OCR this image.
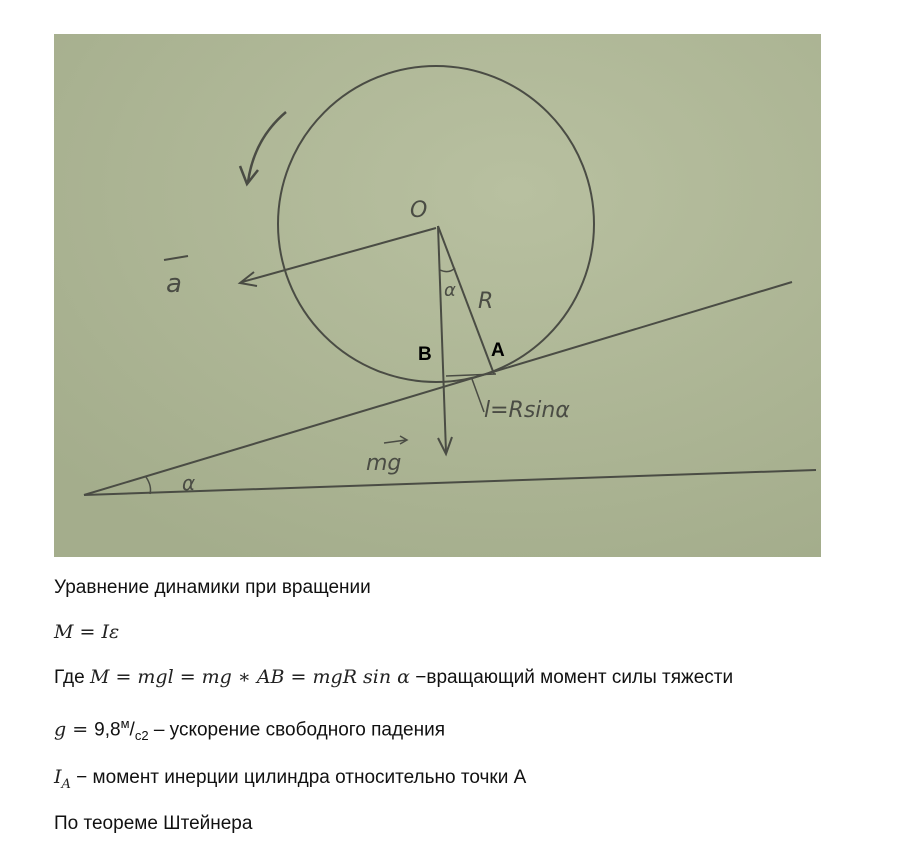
O
a	α R
B	A
l=Rsinα
α
mg
Уравнение динамики при вращении
M = Iε
Где M = mgl = mg ∗ AB = mgR sin α −вращающий момент силы тяжести
$g = 9,8^м/_{с2}$ – ускорение свободного падения
$I_A$ − момент инерции цилиндра относительно точки А
По теореме Штейнера
